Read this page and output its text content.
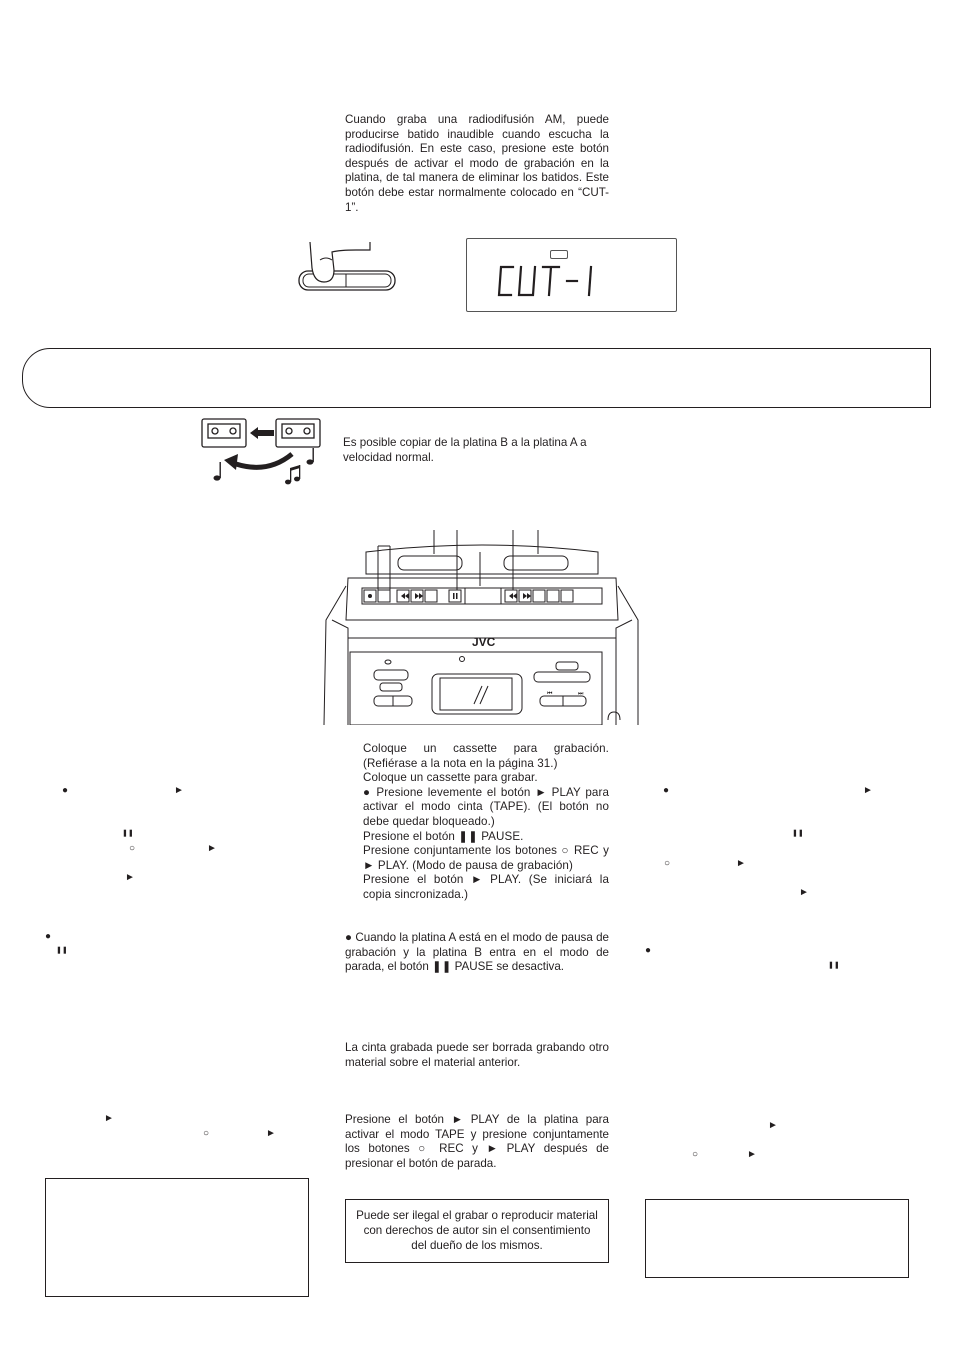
Cuando graba una radiodifusión AM, puede producirse batido inaudible cuando escucha la radiodifusión. En este caso, presione este botón después de activar el modo de grabación en la platina, de tal manera de eliminar los batidos. Este botón debe estar normalmente colocado en “CUT-1”.
Es posible copiar de la platina B a la platina A a velocidad normal.
⏮	⏭
JVC
Coloque un cassette para grabación. (Refiérase a la nota en la página 31.)
Coloque un cassette para grabar.
● Presione levemente el botón ► PLAY para activar el modo cinta (TAPE). (El botón no debe quedar bloqueado.)
Presione el botón ❚❚ PAUSE.
Presione conjuntamente los botones ○ REC y ► PLAY. (Modo de pausa de grabación)
Presione el botón ► PLAY. (Se iniciará la copia sincronizada.)
● Cuando la platina A está en el modo de pausa de grabación y la platina B entra en el modo de parada, el botón ❚❚ PAUSE se desactiva.
La cinta grabada puede ser borrada grabando otro material sobre el material anterior.
Presione el botón ► PLAY de la platina para activar el modo TAPE y presione conjuntamente los botones ○ REC y ► PLAY después de presionar el botón de parada.
Puede ser ilegal el grabar o reproducir material con derechos de autor sin el consentimiento del dueño de los mismos.
●	►
❚❚
○	►
►
●
❚❚
►
○	►
●	►
❚❚
○	►
►
●
❚❚
►
○	►
